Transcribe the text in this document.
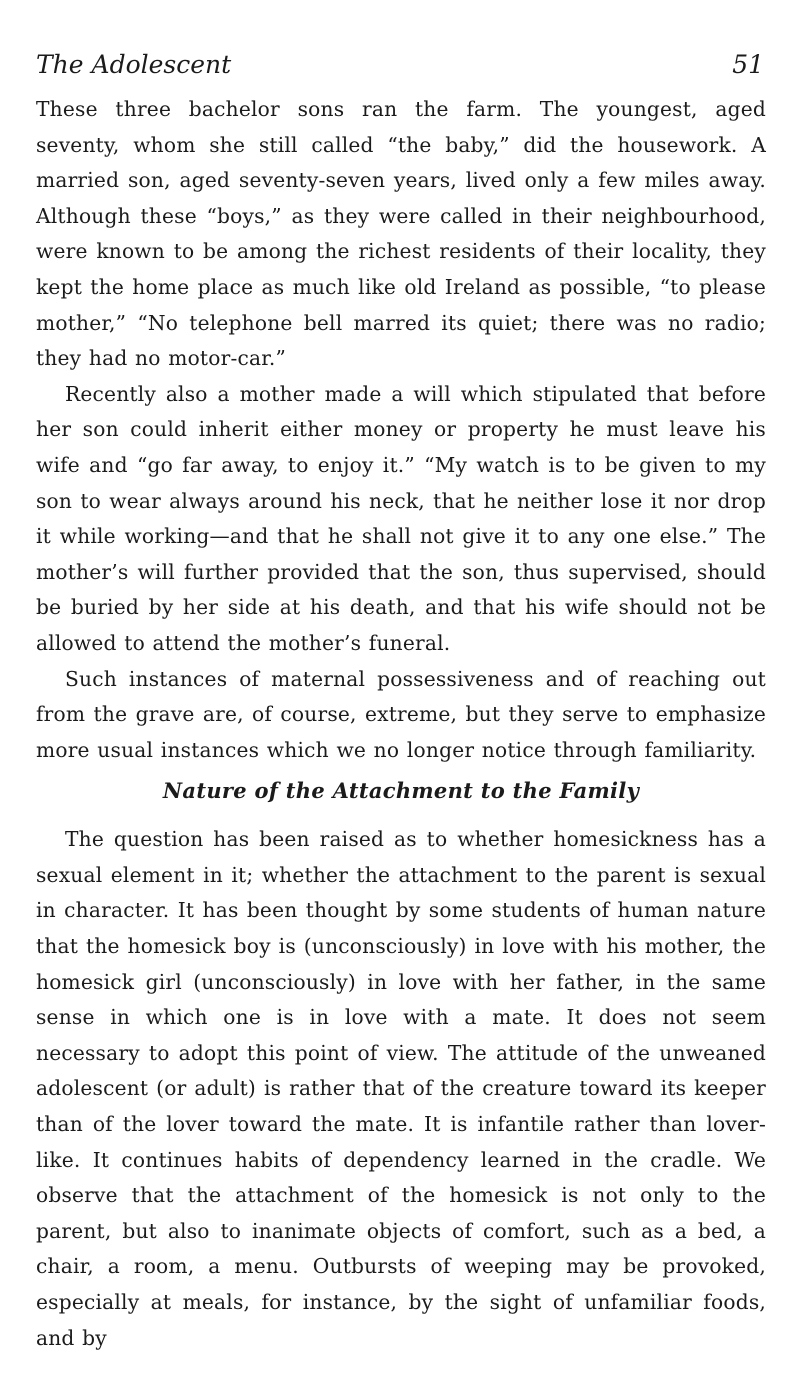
The Adolescent	51

These three bachelor sons ran the farm. The youngest, aged seventy, whom she still called “the baby,” did the housework. A married son, aged seventy-seven years, lived only a few miles away. Although these “boys,” as they were called in their neighbourhood, were known to be among the richest residents of their locality, they kept the home place as much like old Ireland as possible, “to please mother,” “No telephone bell marred its quiet; there was no radio; they had no motor-car.”

Recently also a mother made a will which stipulated that before her son could inherit either money or property he must leave his wife and “go far away, to enjoy it.” “My watch is to be given to my son to wear always around his neck, that he neither lose it nor drop it while working—and that he shall not give it to any one else.” The mother’s will further provided that the son, thus supervised, should be buried by her side at his death, and that his wife should not be allowed to attend the mother’s funeral.

Such instances of maternal possessiveness and of reaching out from the grave are, of course, extreme, but they serve to emphasize more usual instances which we no longer notice through familiarity.

Nature of the Attachment to the Family

The question has been raised as to whether homesickness has a sexual element in it; whether the attachment to the parent is sexual in character. It has been thought by some students of human nature that the homesick boy is (unconsciously) in love with his mother, the homesick girl (unconsciously) in love with her father, in the same sense in which one is in love with a mate. It does not seem necessary to adopt this point of view. The attitude of the unweaned adolescent (or adult) is rather that of the creature toward its keeper than of the lover toward the mate. It is infantile rather than lover-like. It continues habits of dependency learned in the cradle. We observe that the attachment of the homesick is not only to the parent, but also to inanimate objects of comfort, such as a bed, a chair, a room, a menu. Outbursts of weeping may be provoked, especially at meals, for instance, by the sight of unfamiliar foods, and by
